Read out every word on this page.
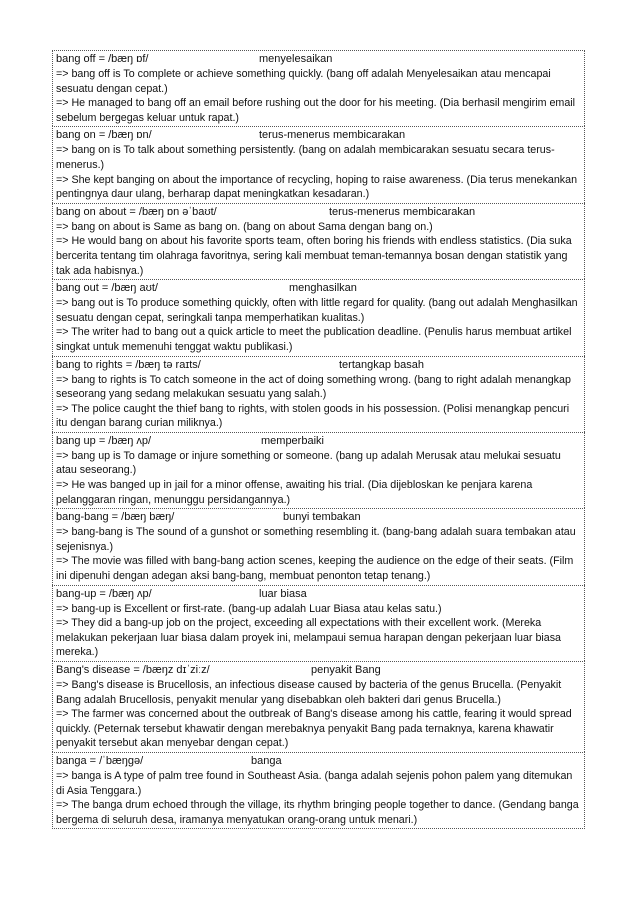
bang off = /bæŋ ɒf/	menyelesaikan
=> bang off is To complete or achieve something quickly. (bang off adalah Menyelesaikan atau mencapai sesuatu dengan cepat.)
=> He managed to bang off an email before rushing out the door for his meeting. (Dia berhasil mengirim email sebelum bergegas keluar untuk rapat.)
bang on = /bæŋ ɒn/	terus-menerus membicarakan
=> bang on is To talk about something persistently. (bang on adalah membicarakan sesuatu secara terus-menerus.)
=> She kept banging on about the importance of recycling, hoping to raise awareness. (Dia terus menekankan pentingnya daur ulang, berharap dapat meningkatkan kesadaran.)
bang on about = /bæŋ ɒn əˈbaʊt/	terus-menerus membicarakan
=> bang on about is Same as bang on. (bang on about Sama dengan bang on.)
=> He would bang on about his favorite sports team, often boring his friends with endless statistics. (Dia suka bercerita tentang tim olahraga favoritnya, sering kali membuat teman-temannya bosan dengan statistik yang tak ada habisnya.)
bang out = /bæŋ aʊt/	menghasilkan
=> bang out is To produce something quickly, often with little regard for quality. (bang out adalah Menghasilkan sesuatu dengan cepat, seringkali tanpa memperhatikan kualitas.)
=> The writer had to bang out a quick article to meet the publication deadline. (Penulis harus membuat artikel singkat untuk memenuhi tenggat waktu publikasi.)
bang to rights = /bæŋ tə raɪts/	tertangkap basah
=> bang to rights is To catch someone in the act of doing something wrong. (bang to right adalah menangkap seseorang yang sedang melakukan sesuatu yang salah.)
=> The police caught the thief bang to rights, with stolen goods in his possession. (Polisi menangkap pencuri itu dengan barang curian miliknya.)
bang up = /bæŋ ʌp/	memperbaiki
=> bang up is To damage or injure something or someone. (bang up adalah Merusak atau melukai sesuatu atau seseorang.)
=> He was banged up in jail for a minor offense, awaiting his trial. (Dia dijebloskan ke penjara karena pelanggaran ringan, menunggu persidangannya.)
bang-bang = /bæŋ bæŋ/	bunyi tembakan
=> bang-bang is The sound of a gunshot or something resembling it. (bang-bang adalah suara tembakan atau sejenisnya.)
=> The movie was filled with bang-bang action scenes, keeping the audience on the edge of their seats. (Film ini dipenuhi dengan adegan aksi bang-bang, membuat penonton tetap tenang.)
bang-up = /bæŋ ʌp/	luar biasa
=> bang-up is Excellent or first-rate. (bang-up adalah Luar Biasa atau kelas satu.)
=> They did a bang-up job on the project, exceeding all expectations with their excellent work. (Mereka melakukan pekerjaan luar biasa dalam proyek ini, melampaui semua harapan dengan pekerjaan luar biasa mereka.)
Bang's disease = /bæŋz dɪˈziːz/	penyakit Bang
=> Bang's disease is Brucellosis, an infectious disease caused by bacteria of the genus Brucella. (Penyakit Bang adalah Brucellosis, penyakit menular yang disebabkan oleh bakteri dari genus Brucella.)
=> The farmer was concerned about the outbreak of Bang's disease among his cattle, fearing it would spread quickly. (Peternak tersebut khawatir dengan merebaknya penyakit Bang pada ternaknya, karena khawatir penyakit tersebut akan menyebar dengan cepat.)
banga = /ˈbæŋɡə/	banga
=> banga is A type of palm tree found in Southeast Asia. (banga adalah sejenis pohon palem yang ditemukan di Asia Tenggara.)
=> The banga drum echoed through the village, its rhythm bringing people together to dance. (Gendang banga bergema di seluruh desa, iramanya menyatukan orang-orang untuk menari.)
